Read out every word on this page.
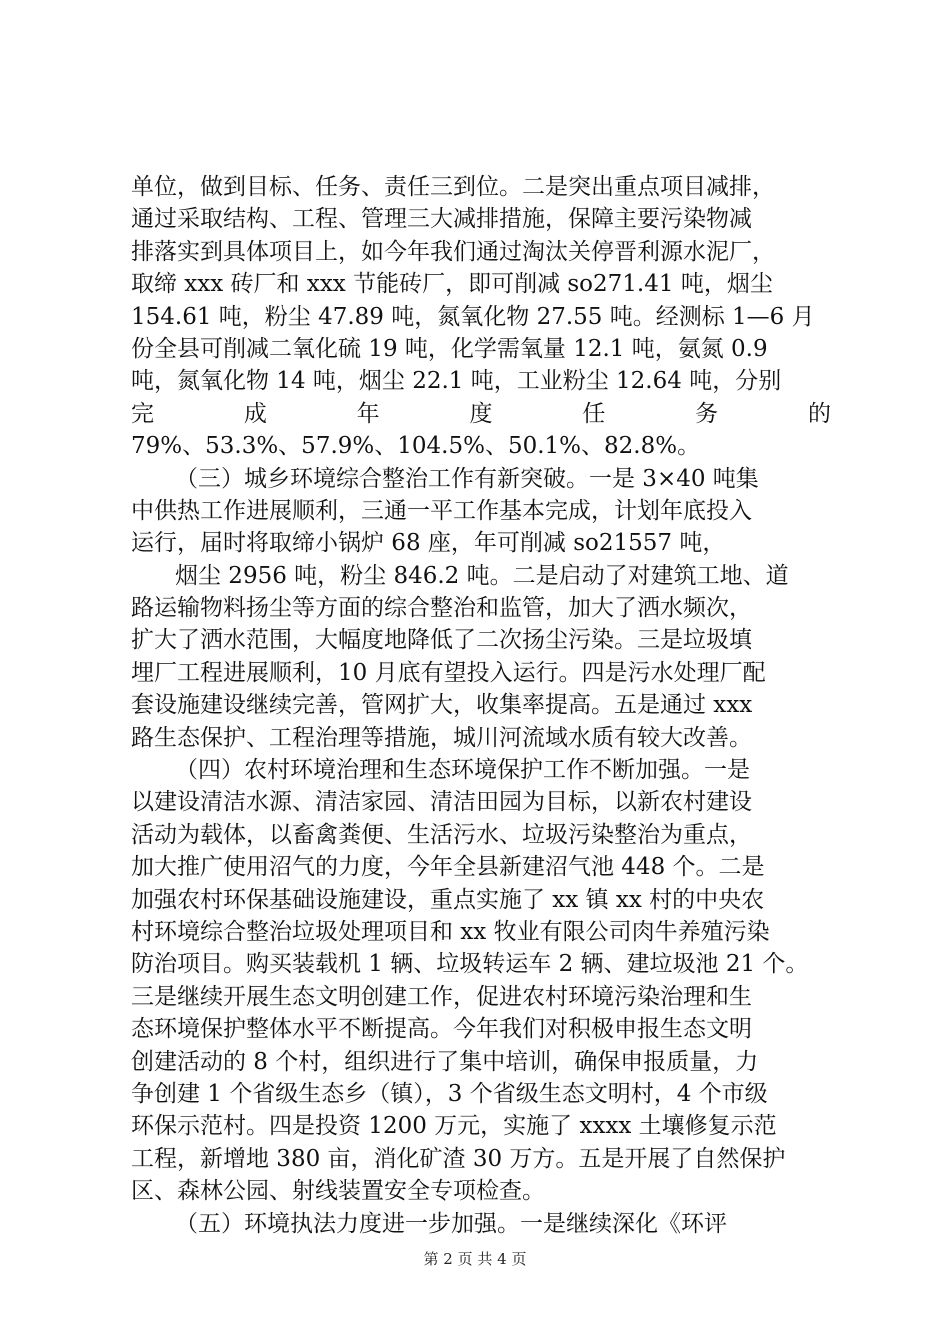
单位，做到目标、任务、责任三到位。二是突出重点项目减排，
通过采取结构、工程、管理三大减排措施，保障主要污染物减
排落实到具体项目上，如今年我们通过淘汰关停晋利源水泥厂，
取缔 xxx 砖厂和 xxx 节能砖厂，即可削减 so271.41 吨，烟尘
154.61 吨，粉尘 47.89 吨，氮氧化物 27.55 吨。经测标 1—6 月
份全县可削减二氧化硫 19 吨，化学需氧量 12.1 吨，氨氮 0.9
吨，氮氧化物 14 吨，烟尘 22.1 吨，工业粉尘 12.64 吨，分别
完	成	年	度	任	务	的
79%、53.3%、57.9%、104.5%、50.1%、82.8%。
（三）城乡环境综合整治工作有新突破。一是 3×40 吨集
中供热工作进展顺利，三通一平工作基本完成，计划年底投入
运行，届时将取缔小锅炉 68 座，年可削减 so21557 吨，
烟尘 2956 吨，粉尘 846.2 吨。二是启动了对建筑工地、道
路运输物料扬尘等方面的综合整治和监管，加大了洒水频次，
扩大了洒水范围，大幅度地降低了二次扬尘污染。三是垃圾填
埋厂工程进展顺利，10 月底有望投入运行。四是污水处理厂配
套设施建设继续完善，管网扩大，收集率提高。五是通过 xxx
路生态保护、工程治理等措施，城川河流域水质有较大改善。
（四）农村环境治理和生态环境保护工作不断加强。一是
以建设清洁水源、清洁家园、清洁田园为目标，以新农村建设
活动为载体，以畜禽粪便、生活污水、垃圾污染整治为重点，
加大推广使用沼气的力度，今年全县新建沼气池 448 个。二是
加强农村环保基础设施建设，重点实施了 xx 镇 xx 村的中央农
村环境综合整治垃圾处理项目和 xx 牧业有限公司肉牛养殖污染
防治项目。购买装载机 1 辆、垃圾转运车 2 辆、建垃圾池 21 个。
三是继续开展生态文明创建工作，促进农村环境污染治理和生
态环境保护整体水平不断提高。今年我们对积极申报生态文明
创建活动的 8 个村，组织进行了集中培训，确保申报质量，力
争创建 1 个省级生态乡（镇），3 个省级生态文明村，4 个市级
环保示范村。四是投资 1200 万元，实施了 xxxx 土壤修复示范
工程，新增地 380 亩，消化矿渣 30 万方。五是开展了自然保护
区、森林公园、射线装置安全专项检查。
（五）环境执法力度进一步加强。一是继续深化《环评
第 2 页 共 4 页
